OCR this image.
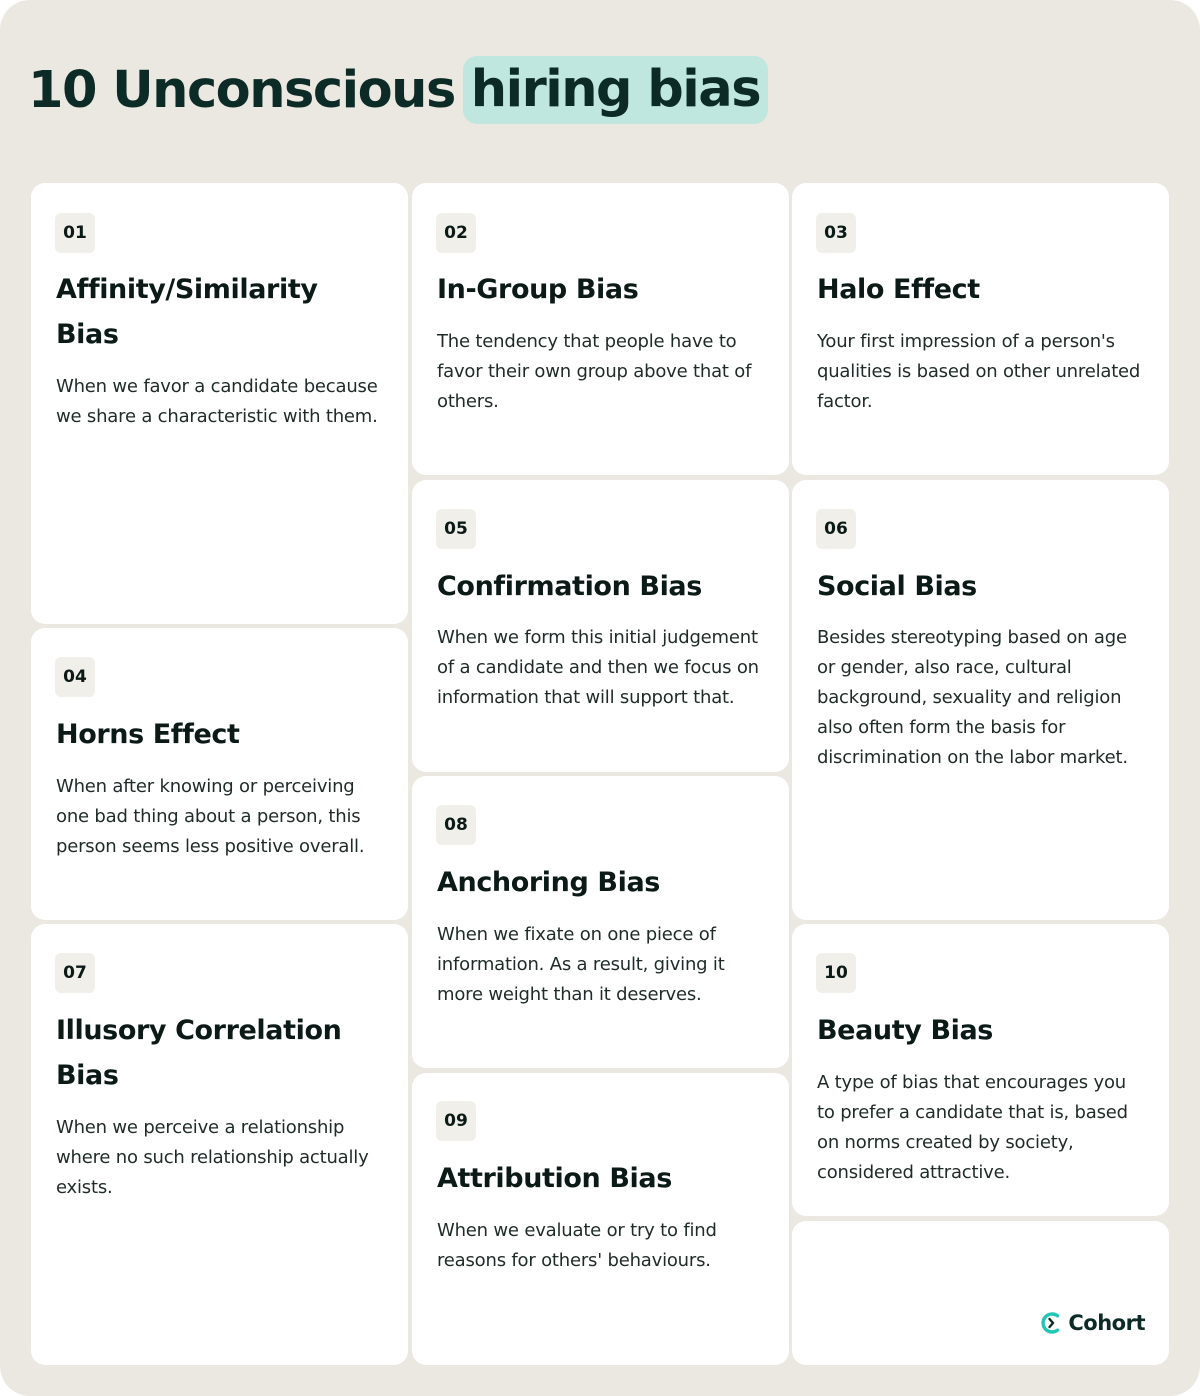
10 Unconscious hiring bias
01
Affinity/Similarity Bias
When we favor a candidate because we share a characteristic with them.
04
Horns Effect
When after knowing or perceiving one bad thing about a person, this person seems less positive overall.
07
Illusory Correlation Bias
When we perceive a relationship where no such relationship actually exists.
02
In-Group Bias
The tendency that people have to favor their own group above that of others.
05
Confirmation Bias
When we form this initial judgement of a candidate and then we focus on information that will support that.
08
Anchoring Bias
When we fixate on one piece of information. As a result, giving it more weight than it deserves.
09
Attribution Bias
When we evaluate or try to find reasons for others' behaviours.
03
Halo Effect
Your first impression of a person's qualities is based on other unrelated factor.
06
Social Bias
Besides stereotyping based on age or gender, also race, cultural background, sexuality and religion also often form the basis for discrimination on the labor market.
10
Beauty Bias
A type of bias that encourages you to prefer a candidate that is, based on norms created by society, considered attractive.
Cohort
